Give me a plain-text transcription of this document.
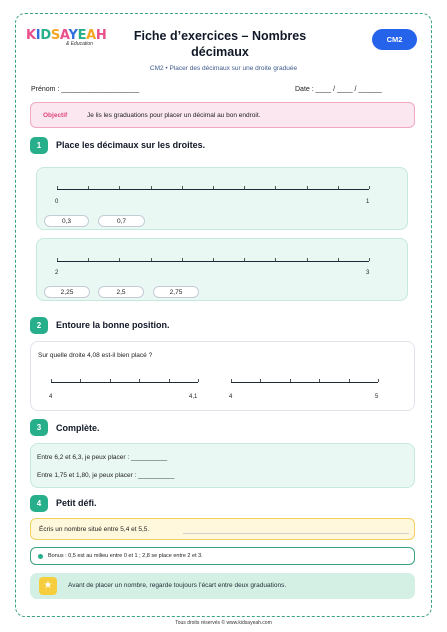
KIDSAYEAH
& Education
Fiche d’exercices – Nombres décimaux
CM2
CM2 • Placer des décimaux sur une droite graduée
Prénom : ____________________	Date : ____ / ____ / ______
Objectif	Je lis les graduations pour placer un décimal au bon endroit.
1	Place les décimaux sur les droites.
0	1
0,3	0,7
2	3
2,25	2,5	2,75
2	Entoure la bonne position.
Sur quelle droite 4,08 est-il bien placé ?
4	4,1	4	5
3	Complète.
Entre 6,2 et 6,3, je peux placer : __________
Entre 1,75 et 1,80, je peux placer : __________
4	Petit défi.
Écris un nombre situé entre 5,4 et 5,5.
Bonus : 0,5 est au milieu entre 0 et 1 ; 2,8 se place entre 2 et 3.
★	Avant de placer un nombre, regarde toujours l’écart entre deux graduations.
Tous droits réservés © www.kidsayeah.com
